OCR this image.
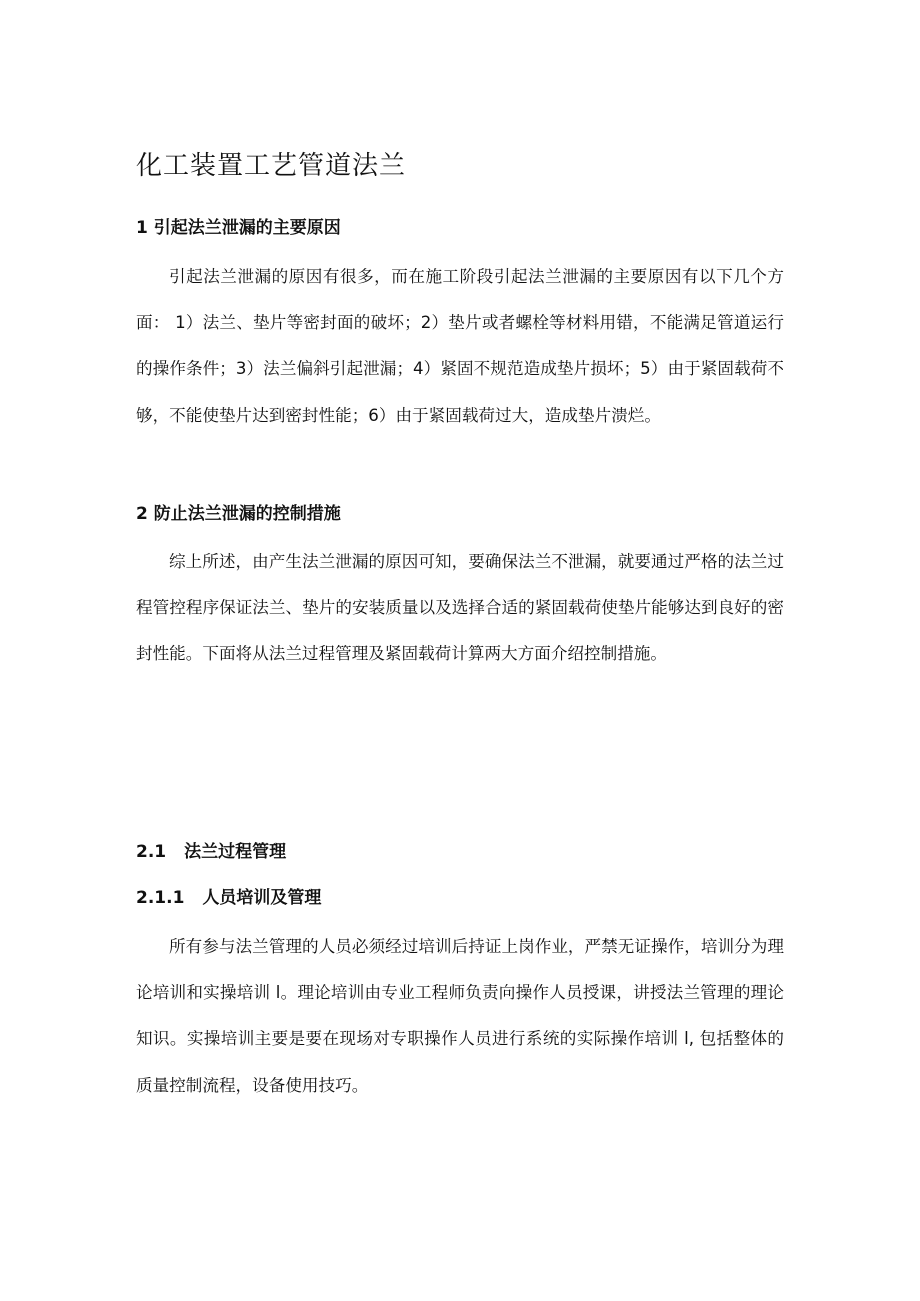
化工装置工艺管道法兰
1 引起法兰泄漏的主要原因

引起法兰泄漏的原因有很多，而在施工阶段引起法兰泄漏的主要原因有以下几个方面： 1）法兰、垫片等密封面的破坏；2）垫片或者螺栓等材料用错，不能满足管道运行的操作条件；3）法兰偏斜引起泄漏；4）紧固不规范造成垫片损坏；5）由于紧固载荷不够，不能使垫片达到密封性能；6）由于紧固载荷过大，造成垫片溃烂。

2 防止法兰泄漏的控制措施

综上所述，由产生法兰泄漏的原因可知，要确保法兰不泄漏，就要通过严格的法兰过程管控程序保证法兰、垫片的安装质量以及选择合适的紧固载荷使垫片能够达到良好的密封性能。下面将从法兰过程管理及紧固载荷计算两大方面介绍控制措施。

2.1 法兰过程管理
2.1.1 人员培训及管理

所有参与法兰管理的人员必须经过培训后持证上岗作业，严禁无证操作，培训分为理论培训和实操培训 l。理论培训由专业工程师负责向操作人员授课，讲授法兰管理的理论知识。实操培训主要是要在现场对专职操作人员进行系统的实际操作培训 l, 包括整体的质量控制流程，设备使用技巧。
